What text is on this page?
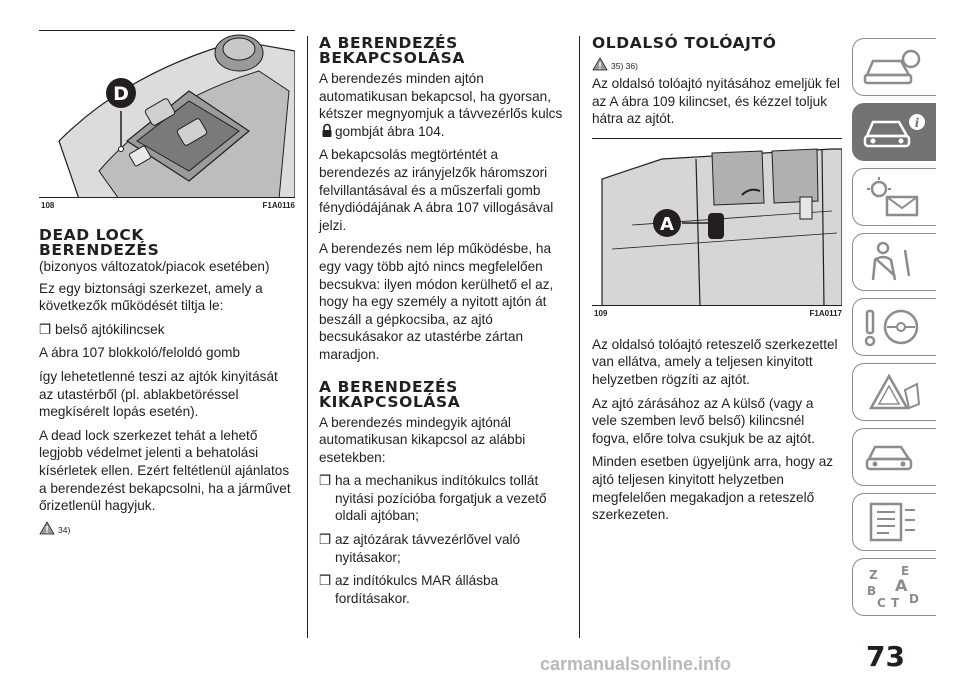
D
108	F1A0116
DEAD LOCK
BERENDEZÉS

(bizonyos változatok/piacok esetében)

Ez egy biztonsági szerkezet, amely a következők működését tiltja le:

❒ belső ajtókilincsek

A ábra 107 blokkoló/feloldó gomb

így lehetetlenné teszi az ajtók kinyitását az utastérből (pl. ablakbetöréssel megkísérelt lopás esetén).

A dead lock szerkezet tehát a lehető legjobb védelmet jelenti a behatolási kísérletek ellen. Ezért feltétlenül ajánlatos a berendezést bekapcsolni, ha a járművet őrizetlenül hagyjuk.

34)
A BERENDEZÉS
BEKAPCSOLÁSA

A berendezés minden ajtón automatikusan bekapcsol, ha gyorsan, kétszer megnyomjuk a távvezérlős kulcsgombját ábra 104.

A bekapcsolás megtörténtét a berendezés az irányjelzők háromszori felvillantásával és a műszerfali gomb fénydiódájának A ábra 107 villogásával jelzi.

A berendezés nem lép működésbe, ha egy vagy több ajtó nincs megfelelően becsukva: ilyen módon kerülhető el az, hogy ha egy személy a nyitott ajtón át beszáll a gépkocsiba, az ajtó becsukásakor az utastérbe zártan maradjon.

A BERENDEZÉS
KIKAPCSOLÁSA

A berendezés mindegyik ajtónál automatikusan kikapcsol az alábbi esetekben:

❒ ha a mechanikus indítókulcs tollát nyitási pozícióba forgatjuk a vezető oldali ajtóban;

❒ az ajtózárak távvezérlővel való nyitásakor;

❒ az indítókulcs MAR állásba fordításakor.

OLDALSÓ TOLÓAJTÓ
35) 36)

Az oldalsó tolóajtó nyitásához emeljük fel az A ábra 109 kilincset, és kézzel toljuk hátra az ajtót.

A
109	F1A0117

Az oldalsó tolóajtó reteszelő szerkezettel van ellátva, amely a teljesen kinyitott helyzetben rögzíti az ajtót.

Az ajtó zárásához az A külső (vagy a vele szemben levő belső) kilincsnél fogva, előre tolva csukjuk be az ajtót.

Minden esetben ügyeljünk arra, hogy az ajtó teljesen kinyitott helyzetben megfelelően megakadjon a reteszelő szerkezeten.

i
Z E
B A
C T D
73
carmanualsonline.info
